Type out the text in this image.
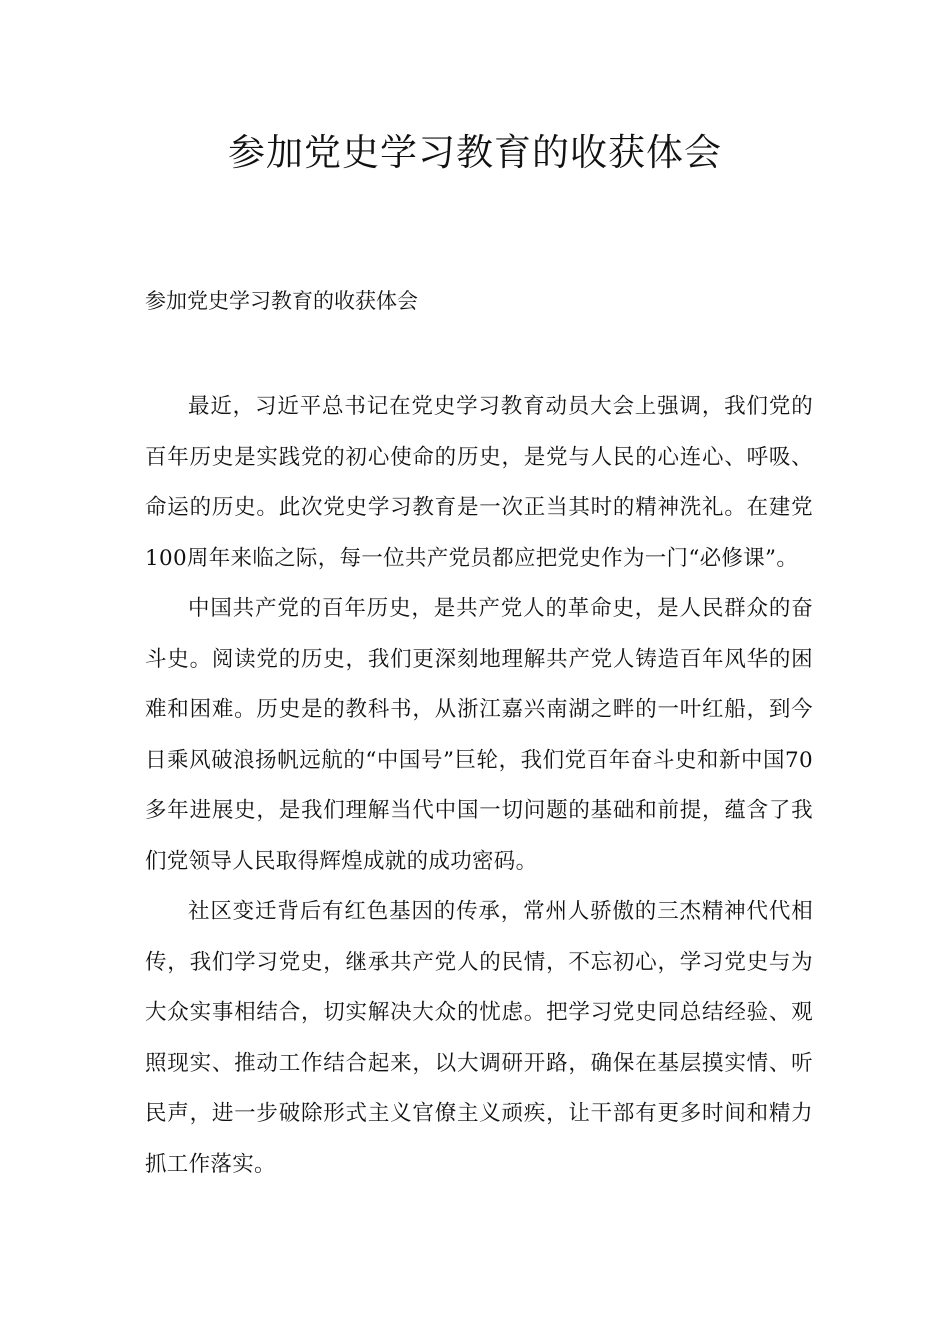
参加党史学习教育的收获体会

参加党史学习教育的收获体会

最近，习近平总书记在党史学习教育动员大会上强调，我们党的百年历史是实践党的初心使命的历史，是党与人民的心连心、呼吸、命运的历史。此次党史学习教育是一次正当其时的精神洗礼。在建党100周年来临之际，每一位共产党员都应把党史作为一门“必修课”。

中国共产党的百年历史，是共产党人的革命史，是人民群众的奋斗史。阅读党的历史，我们更深刻地理解共产党人铸造百年风华的困难和困难。历史是的教科书，从浙江嘉兴南湖之畔的一叶红船，到今日乘风破浪扬帆远航的“中国号”巨轮，我们党百年奋斗史和新中国70多年进展史，是我们理解当代中国一切问题的基础和前提，蕴含了我们党领导人民取得辉煌成就的成功密码。

社区变迁背后有红色基因的传承，常州人骄傲的三杰精神代代相传，我们学习党史，继承共产党人的民情，不忘初心，学习党史与为大众实事相结合，切实解决大众的忧虑。把学习党史同总结经验、观照现实、推动工作结合起来，以大调研开路，确保在基层摸实情、听民声，进一步破除形式主义官僚主义顽疾，让干部有更多时间和精力抓工作落实。
